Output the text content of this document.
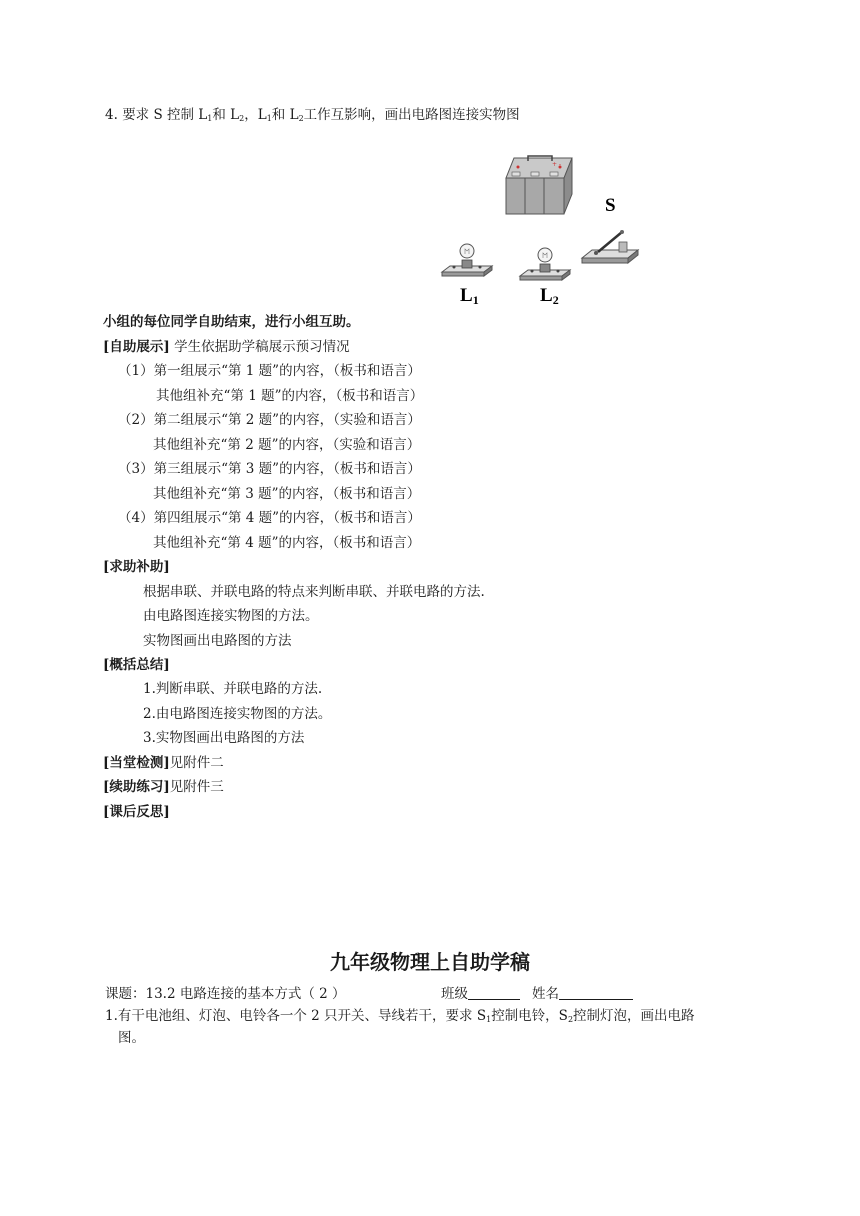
4. 要求 S 控制 $L_1$和 $L_2$，$L_1$和 $L_2$工作互影响，画出电路图连接实物图
+ -
S
L1	L2
小组的每位同学自助结束，进行小组互助。
[自助展示] 学生依据助学稿展示预习情况
（1）第一组展示“第 1 题”的内容，（板书和语言）
其他组补充“第 1 题”的内容，（板书和语言）
（2）第二组展示“第 2 题”的内容，（实验和语言）
其他组补充“第 2 题”的内容，（实验和语言）
（3）第三组展示“第 3 题”的内容，（板书和语言）
其他组补充“第 3 题”的内容，（板书和语言）
（4）第四组展示“第 4 题”的内容，（板书和语言）
其他组补充“第 4 题”的内容，（板书和语言）
[求助补助]
根据串联、并联电路的特点来判断串联、并联电路的方法.
由电路图连接实物图的方法。
实物图画出电路图的方法
[概括总结]
1.判断串联、并联电路的方法.
2.由电路图连接实物图的方法。
3.实物图画出电路图的方法
[当堂检测]见附件二
[续助练习]见附件三
[课后反思]
九年级物理上自助学稿
课题：13.2 电路连接的基本方式（ 2 ）	班级	姓名
1.有干电池组、灯泡、电铃各一个 2 只开关、导线若干，要求 $S_1$控制电铃，$S_2$控制灯泡，画出电路
图。
